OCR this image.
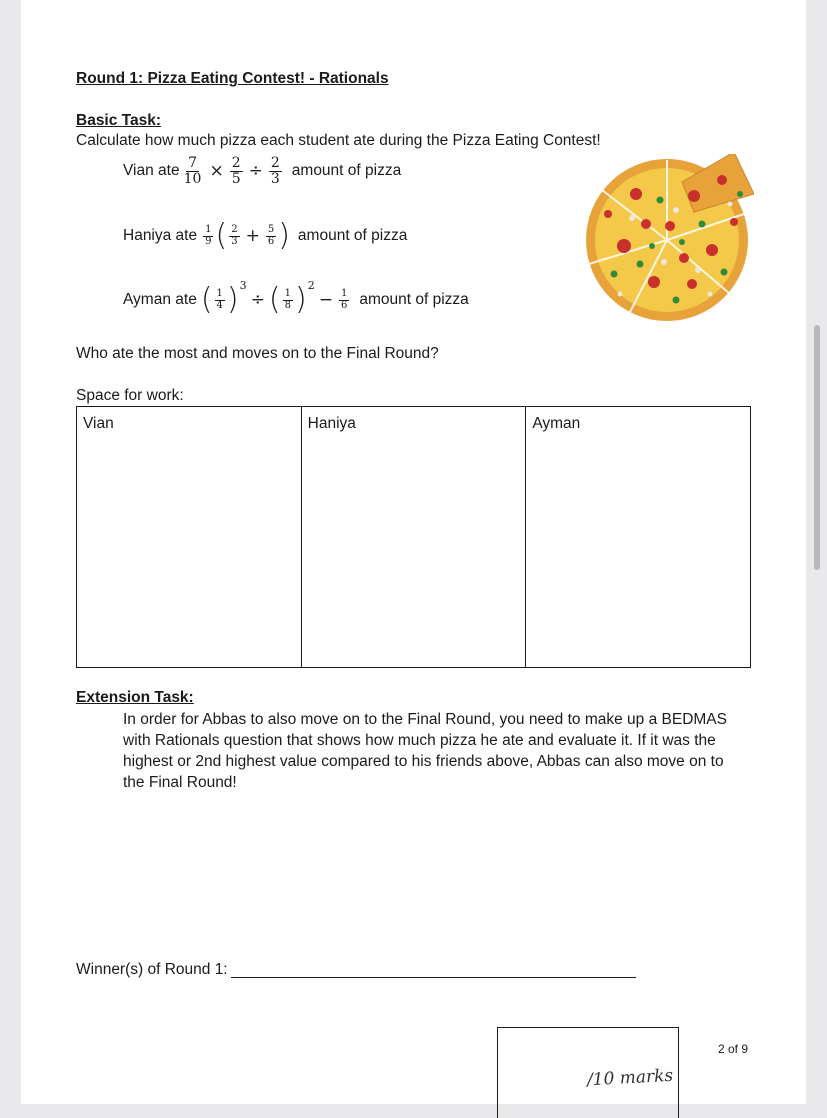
Round 1: Pizza Eating Contest! - Rationals
Basic Task:
Calculate how much pizza each student ate during the Pizza Eating Contest!
Vian ate $\frac{7}{10} \times \frac{2}{5} \div \frac{2}{3}$ amount of pizza
Haniya ate $\frac{1}{9}$ ( $\frac{2}{3} + \frac{5}{6}$ ) amount of pizza
Ayman ate ( $\frac{1}{4}$ ) 3
÷ ( $\frac{1}{8}$ ) 2
− $\frac{1}{6}$ amount of pizza
Who ate the most and moves on to the Final Round?
Space for work:
Vian	Haniya	Ayman
Extension Task:
In order for Abbas to also move on to the Final Round, you need to make up a BEDMAS with Rationals question that shows how much pizza he ate and evaluate it. If it was the highest or 2nd highest value compared to his friends above, Abbas can also move on to the Final Round!
Winner(s) of Round 1:
/10 marks
2 of 9
